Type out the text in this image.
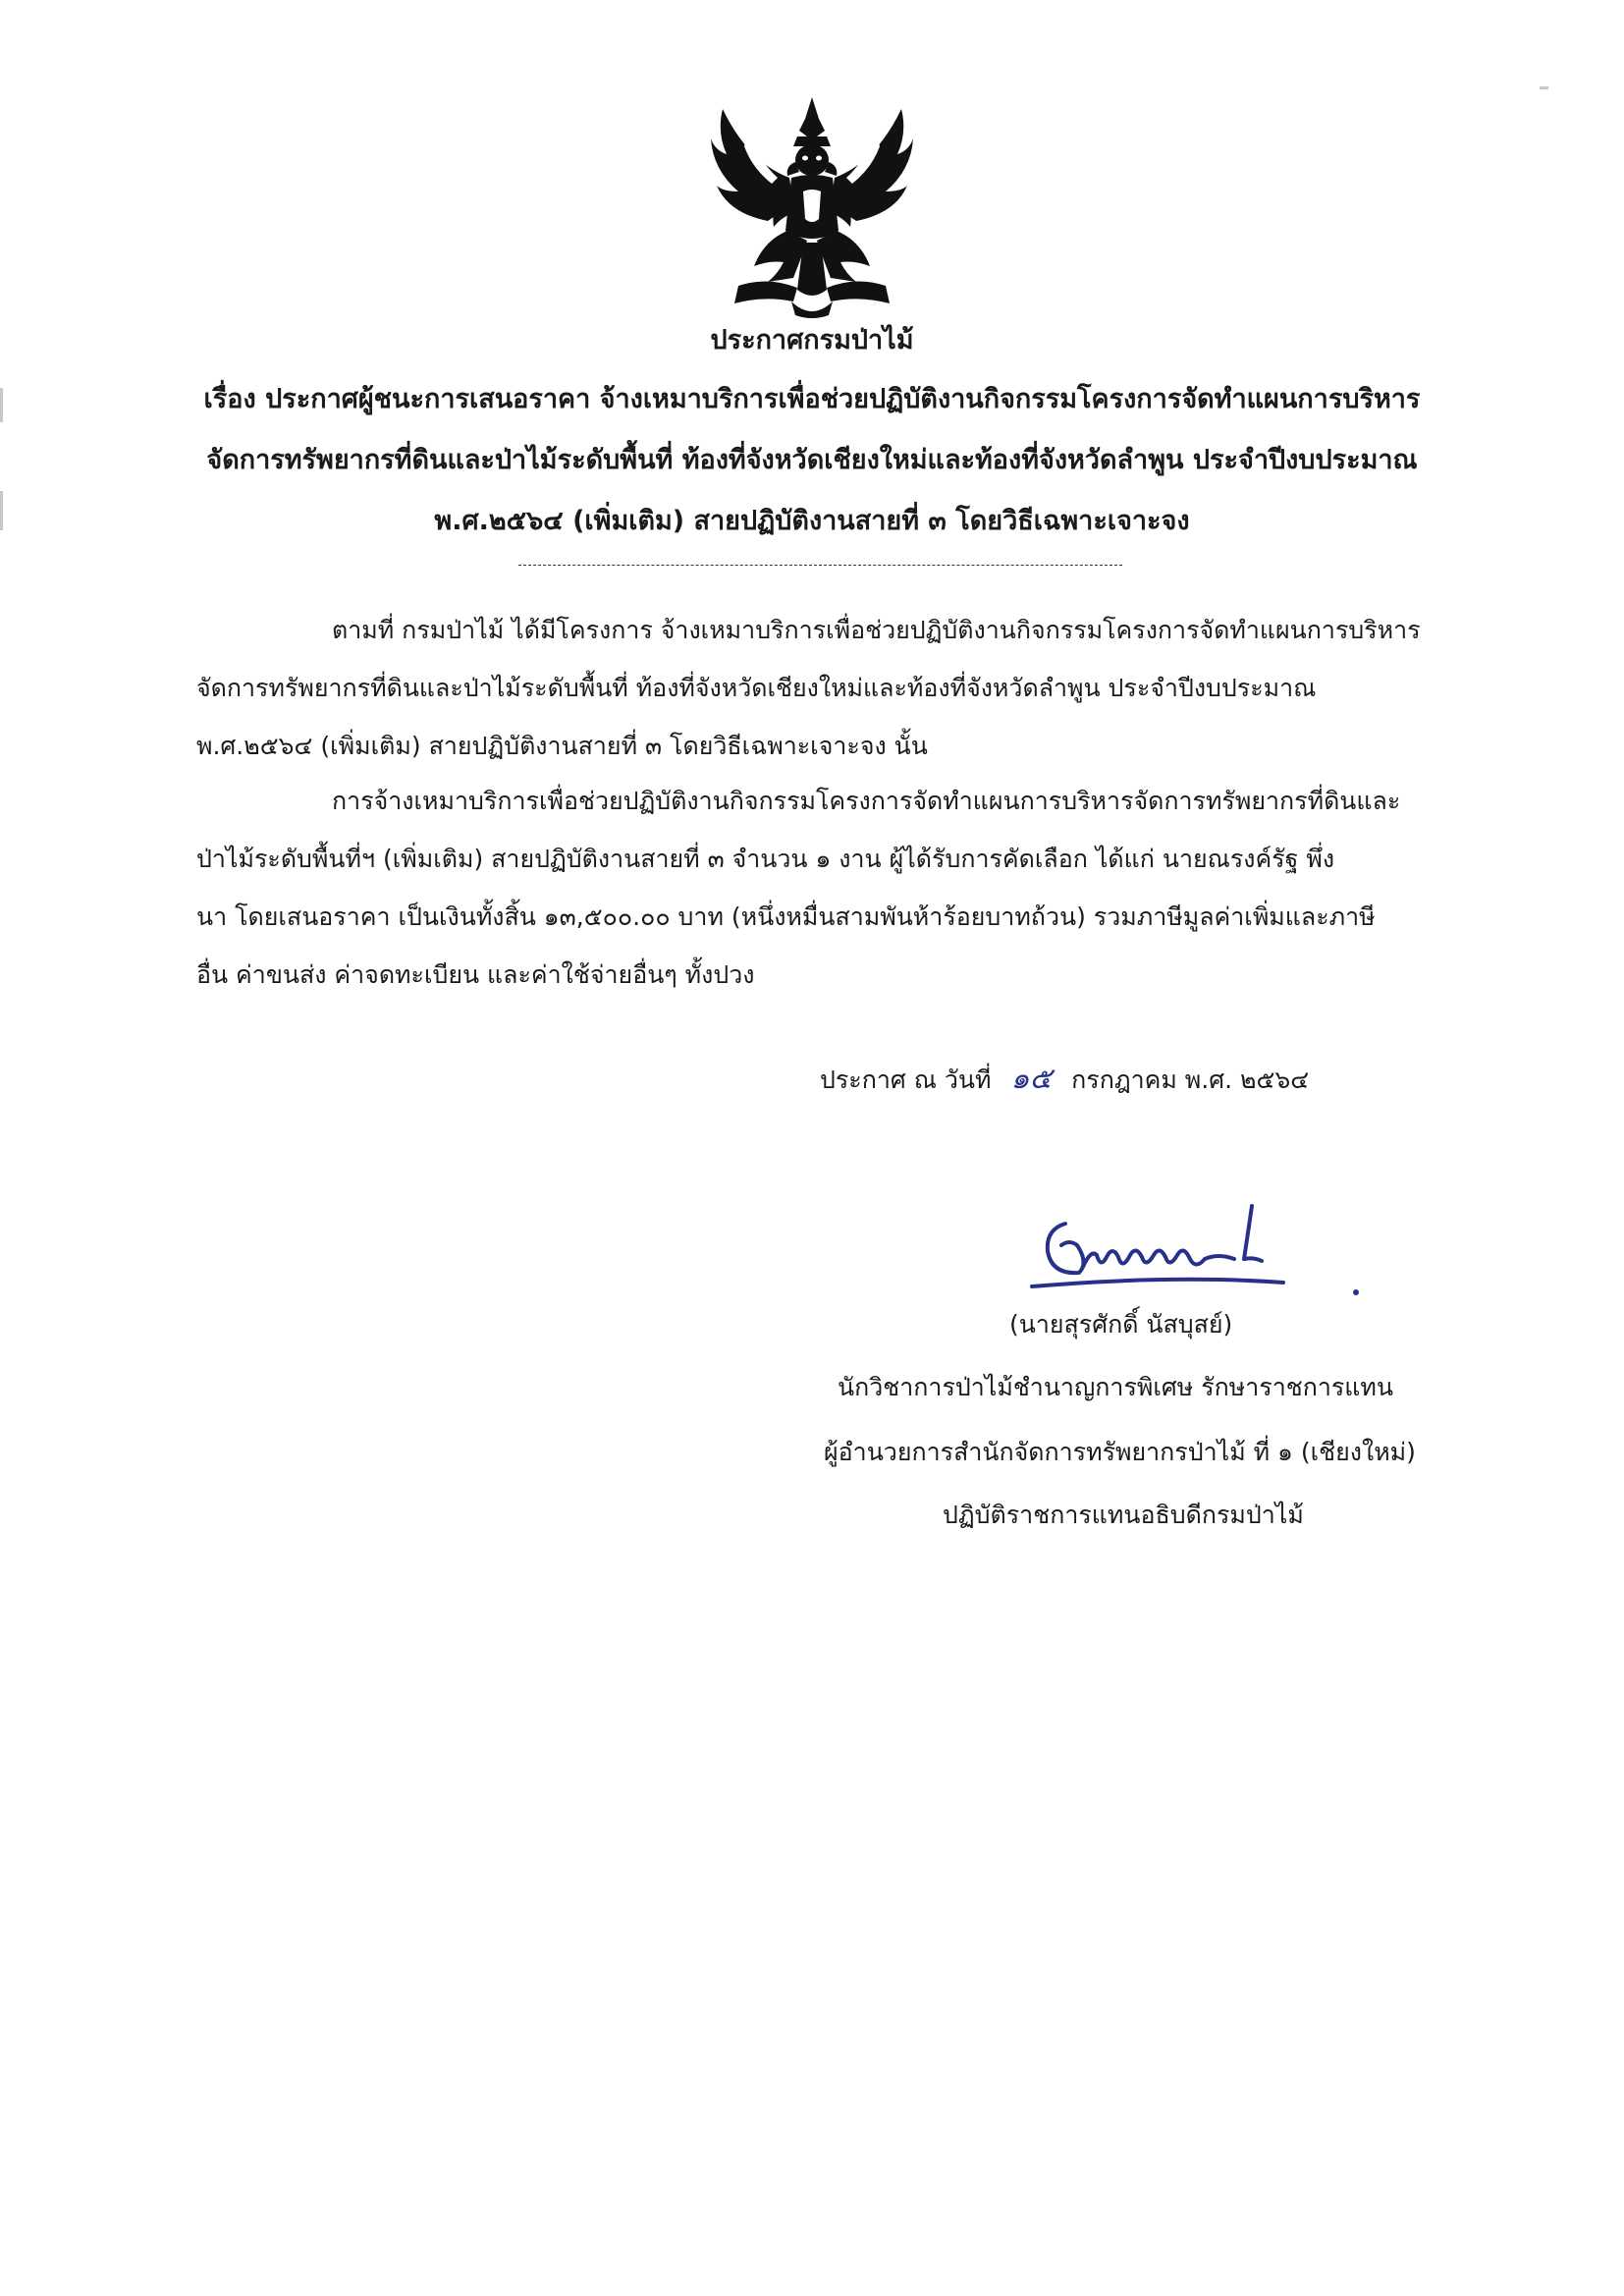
ประกาศกรมป่าไม้
เรื่อง ประกาศผู้ชนะการเสนอราคา จ้างเหมาบริการเพื่อช่วยปฏิบัติงานกิจกรรมโครงการจัดทำแผนการบริหาร
จัดการทรัพยากรที่ดินและป่าไม้ระดับพื้นที่ ท้องที่จังหวัดเชียงใหม่และท้องที่จังหวัดลำพูน ประจำปีงบประมาณ
พ.ศ.๒๕๖๔ (เพิ่มเติม) สายปฏิบัติงานสายที่ ๓ โดยวิธีเฉพาะเจาะจง
ตามที่ กรมป่าไม้ ได้มีโครงการ จ้างเหมาบริการเพื่อช่วยปฏิบัติงานกิจกรรมโครงการจัดทำแผนการบริหาร
จัดการทรัพยากรที่ดินและป่าไม้ระดับพื้นที่ ท้องที่จังหวัดเชียงใหม่และท้องที่จังหวัดลำพูน ประจำปีงบประมาณ
พ.ศ.๒๕๖๔ (เพิ่มเติม) สายปฏิบัติงานสายที่ ๓ โดยวิธีเฉพาะเจาะจง นั้น
การจ้างเหมาบริการเพื่อช่วยปฏิบัติงานกิจกรรมโครงการจัดทำแผนการบริหารจัดการทรัพยากรที่ดินและ
ป่าไม้ระดับพื้นที่ฯ (เพิ่มเติม) สายปฏิบัติงานสายที่ ๓ จำนวน ๑ งาน ผู้ได้รับการคัดเลือก ได้แก่ นายณรงค์รัฐ พึ่ง
นา โดยเสนอราคา เป็นเงินทั้งสิ้น ๑๓,๕๐๐.๐๐ บาท (หนึ่งหมื่นสามพันห้าร้อยบาทถ้วน) รวมภาษีมูลค่าเพิ่มและภาษี
อื่น ค่าขนส่ง ค่าจดทะเบียน และค่าใช้จ่ายอื่นๆ ทั้งปวง
ประกาศ ณ วันที่ ๑๕ กรกฎาคม พ.ศ. ๒๕๖๔
(นายสุรศักดิ์ นัสบุสย์)
นักวิชาการป่าไม้ชำนาญการพิเศษ รักษาราชการแทน
ผู้อำนวยการสำนักจัดการทรัพยากรป่าไม้ ที่ ๑ (เชียงใหม่)
ปฏิบัติราชการแทนอธิบดีกรมป่าไม้
